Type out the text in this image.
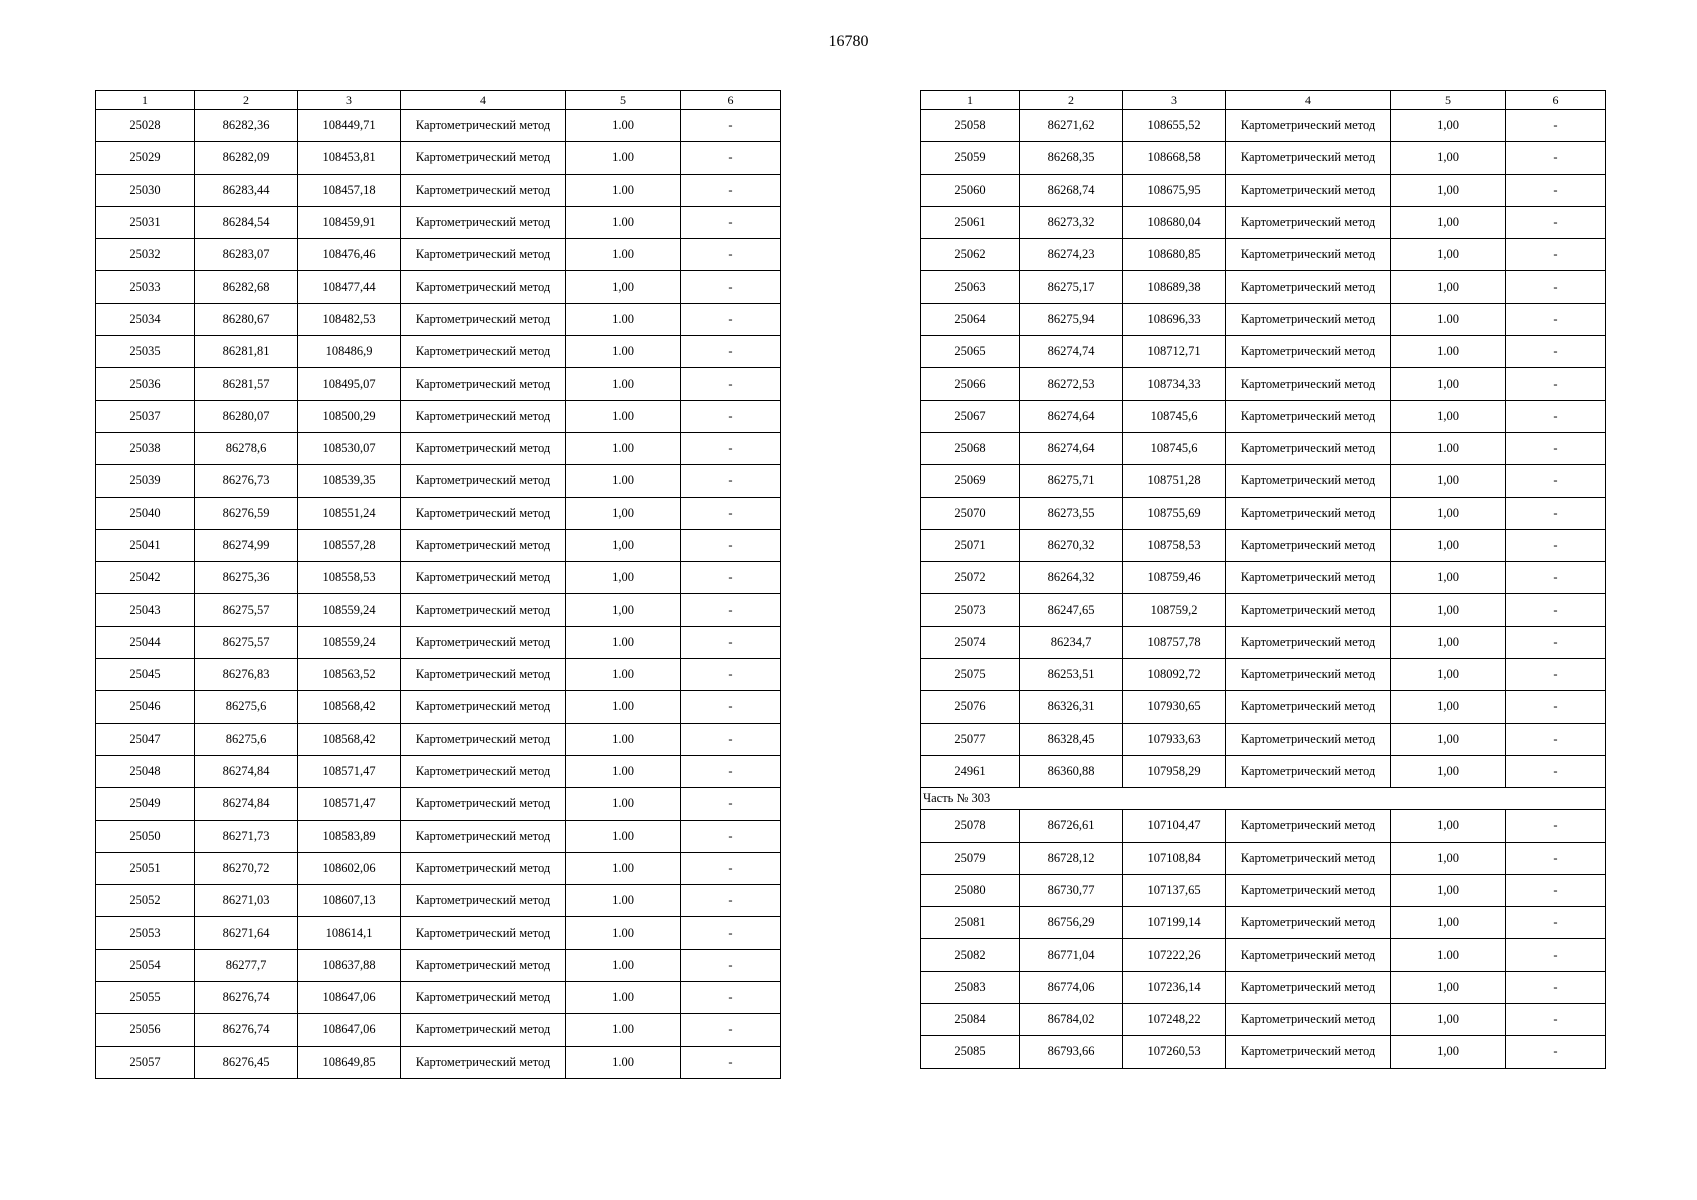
16780
1	2	3	4	5	6
25028	86282,36	108449,71	Картометрический метод	1.00	-
25029	86282,09	108453,81	Картометрический метод	1.00	-
25030	86283,44	108457,18	Картометрический метод	1.00	-
25031	86284,54	108459,91	Картометрический метод	1.00	-
25032	86283,07	108476,46	Картометрический метод	1.00	-
25033	86282,68	108477,44	Картометрический метод	1,00	-
25034	86280,67	108482,53	Картометрический метод	1.00	-
25035	86281,81	108486,9	Картометрический метод	1.00	-
25036	86281,57	108495,07	Картометрический метод	1.00	-
25037	86280,07	108500,29	Картометрический метод	1.00	-
25038	86278,6	108530,07	Картометрический метод	1.00	-
25039	86276,73	108539,35	Картометрический метод	1.00	-
25040	86276,59	108551,24	Картометрический метод	1,00	-
25041	86274,99	108557,28	Картометрический метод	1,00	-
25042	86275,36	108558,53	Картометрический метод	1,00	-
25043	86275,57	108559,24	Картометрический метод	1,00	-
25044	86275,57	108559,24	Картометрический метод	1.00	-
25045	86276,83	108563,52	Картометрический метод	1.00	-
25046	86275,6	108568,42	Картометрический метод	1.00	-
25047	86275,6	108568,42	Картометрический метод	1.00	-
25048	86274,84	108571,47	Картометрический метод	1.00	-
25049	86274,84	108571,47	Картометрический метод	1.00	-
25050	86271,73	108583,89	Картометрический метод	1.00	-
25051	86270,72	108602,06	Картометрический метод	1.00	-
25052	86271,03	108607,13	Картометрический метод	1.00	-
25053	86271,64	108614,1	Картометрический метод	1.00	-
25054	86277,7	108637,88	Картометрический метод	1.00	-
25055	86276,74	108647,06	Картометрический метод	1.00	-
25056	86276,74	108647,06	Картометрический метод	1.00	-
25057	86276,45	108649,85	Картометрический метод	1.00	-
1	2	3	4	5	6
25058	86271,62	108655,52	Картометрический метод	1,00	-
25059	86268,35	108668,58	Картометрический метод	1,00	-
25060	86268,74	108675,95	Картометрический метод	1,00	-
25061	86273,32	108680,04	Картометрический метод	1,00	-
25062	86274,23	108680,85	Картометрический метод	1,00	-
25063	86275,17	108689,38	Картометрический метод	1,00	-
25064	86275,94	108696,33	Картометрический метод	1.00	-
25065	86274,74	108712,71	Картометрический метод	1.00	-
25066	86272,53	108734,33	Картометрический метод	1,00	-
25067	86274,64	108745,6	Картометрический метод	1,00	-
25068	86274,64	108745,6	Картометрический метод	1.00	-
25069	86275,71	108751,28	Картометрический метод	1,00	-
25070	86273,55	108755,69	Картометрический метод	1,00	-
25071	86270,32	108758,53	Картометрический метод	1,00	-
25072	86264,32	108759,46	Картометрический метод	1,00	-
25073	86247,65	108759,2	Картометрический метод	1,00	-
25074	86234,7	108757,78	Картометрический метод	1,00	-
25075	86253,51	108092,72	Картометрический метод	1,00	-
25076	86326,31	107930,65	Картометрический метод	1,00	-
25077	86328,45	107933,63	Картометрический метод	1,00	-
24961	86360,88	107958,29	Картометрический метод	1,00	-
Часть № 303					
25078	86726,61	107104,47	Картометрический метод	1,00	-
25079	86728,12	107108,84	Картометрический метод	1,00	-
25080	86730,77	107137,65	Картометрический метод	1,00	-
25081	86756,29	107199,14	Картометрический метод	1,00	-
25082	86771,04	107222,26	Картометрический метод	1.00	-
25083	86774,06	107236,14	Картометрический метод	1,00	-
25084	86784,02	107248,22	Картометрический метод	1,00	-
25085	86793,66	107260,53	Картометрический метод	1,00	-
